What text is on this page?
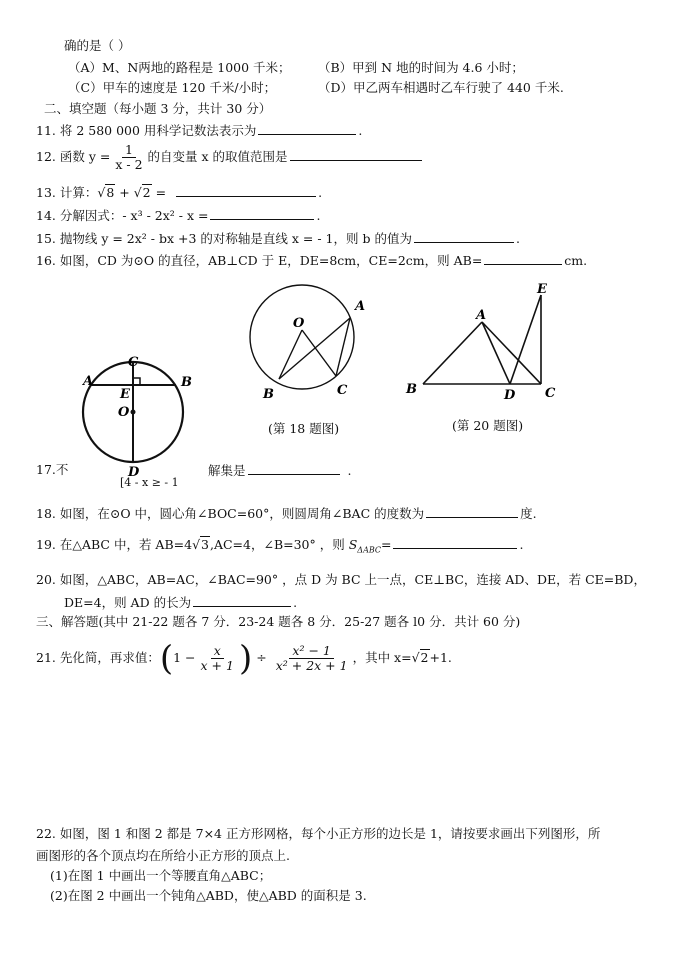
确的是（ ）
（A）M、N两地的路程是 1000 千米； （B）甲到 N 地的时间为 4.6 小时；
（C）甲车的速度是 120 千米/小时；	（D）甲乙两车相遇时乙车行驶了 440 千米.
二、填空题（每小题 3 分，共计 30 分）
11. 将 2 580 000 用科学记数法表示为	.
12. 函数 $y = \frac{1}{x - 2}$ 的自变量 x 的取值范围是
13. 计算：√8 + √2 =	.
14. 分解因式：- x³ - 2x² - x =	.
15. 抛物线 y = 2x² - bx +3 的对称轴是直线 x = - 1，则 b 的值为	.
16. 如图，CD 为⊙O 的直径，AB⊥CD 于 E，DE=8cm，CE=2cm，则 AB=	cm.
C
A
E
B
O
D
O
A
B	C
(第 18 题图)
E
A
B	D C
(第 20 题图)
17.不
[4 - x ≥ - 1
解集是	.
18. 如图，在⊙O 中，圆心角∠BOC=60°，则圆周角∠BAC 的度数为	度.
19. 在△ABC 中，若 AB=4√3,AC=4，∠B=30° ，则 $S_{\Delta ABC}=$	.
20. 如图，△ABC，AB=AC，∠BAC=90° ，点 D 为 BC 上一点，CE⊥BC，连接 AD、DE，若 CE=BD，
DE=4，则 AD 的长为	.
三、解答题(其中 21-22 题各 7 分．23-24 题各 8 分．25-27 题各 l0 分．共计 60 分)
21. 先化简，再求值：($1 - \frac{x}{x + 1}$ ) ÷ $\frac{\text{x² − 1}}{\text{x² + 2x + 1}}$ ，其中 x=√2+1.
22. 如图，图 1 和图 2 都是 7×4 正方形网格，每个小正方形的边长是 1，请按要求画出下列图形，所
画图形的各个顶点均在所给小正方形的顶点上.
(1)在图 1 中画出一个等腰直角△ABC；
(2)在图 2 中画出一个钝角△ABD，使△ABD 的面积是 3.
